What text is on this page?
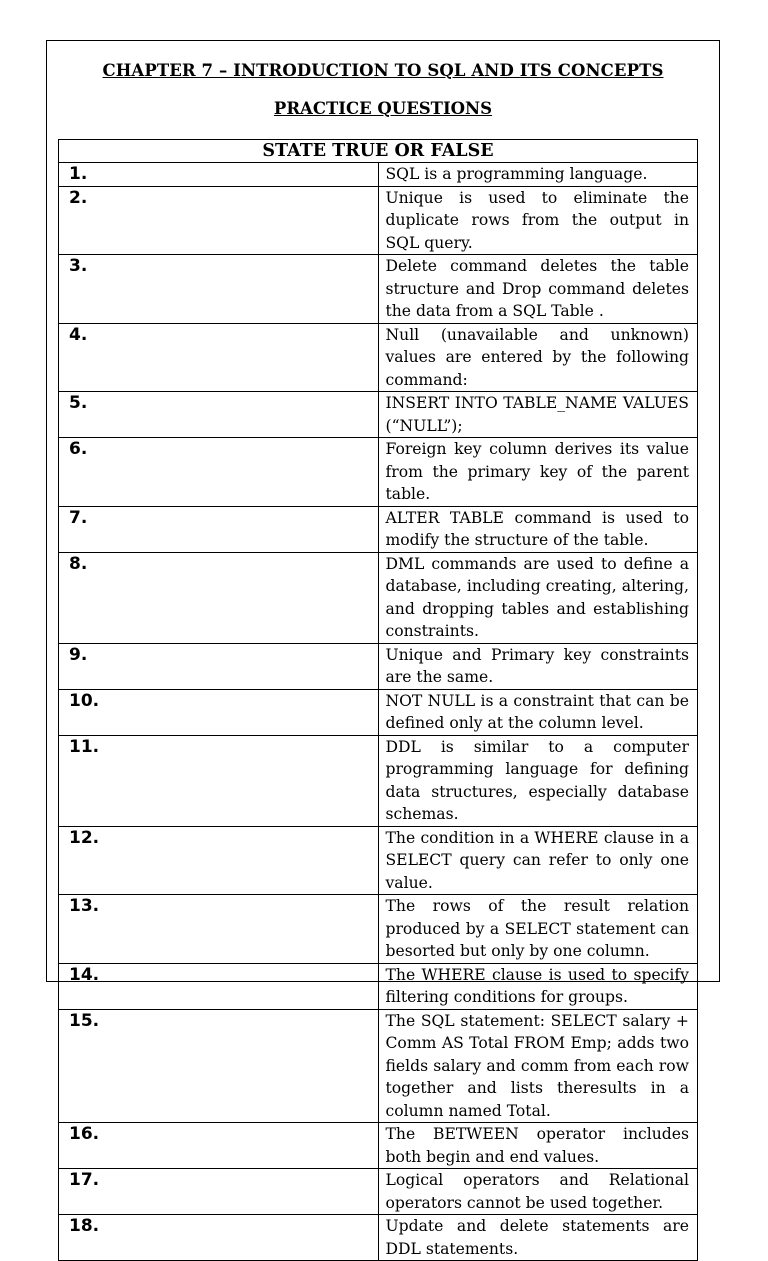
CHAPTER 7 – INTRODUCTION TO SQL AND ITS CONCEPTS
PRACTICE QUESTIONS
STATE TRUE OR FALSE	
1.	SQL is a programming language.
2.	Unique is used to eliminate the duplicate rows from the output in SQL query.
3.	Delete command deletes the table structure and Drop command deletes the data from a SQL Table .
4.	Null (unavailable and unknown) values are entered by the following command:
5.	INSERT INTO TABLE_NAME VALUES (“NULL”);
6.	Foreign key column derives its value from the primary key of the parent table.
7.	ALTER TABLE command is used to modify the structure of the table.
8.	DML commands are used to define a database, including creating, altering, and dropping tables and establishing constraints.
9.	Unique and Primary key constraints are the same.
10.	NOT NULL is a constraint that can be defined only at the column level.
11.	DDL is similar to a computer programming language for defining data structures, especially database schemas.
12.	The condition in a WHERE clause in a SELECT query can refer to only one value.
13.	The rows of the result relation produced by a SELECT statement can besorted but only by one column.
14.	The WHERE clause is used to specify filtering conditions for groups.
15.	The SQL statement: SELECT salary + Comm AS Total FROM Emp; adds two fields salary and comm from each row together and lists theresults in a column named Total.
16.	The BETWEEN operator includes both begin and end values.
17.	Logical operators and Relational operators cannot be used together.
18.	Update and delete statements are DDL statements.
